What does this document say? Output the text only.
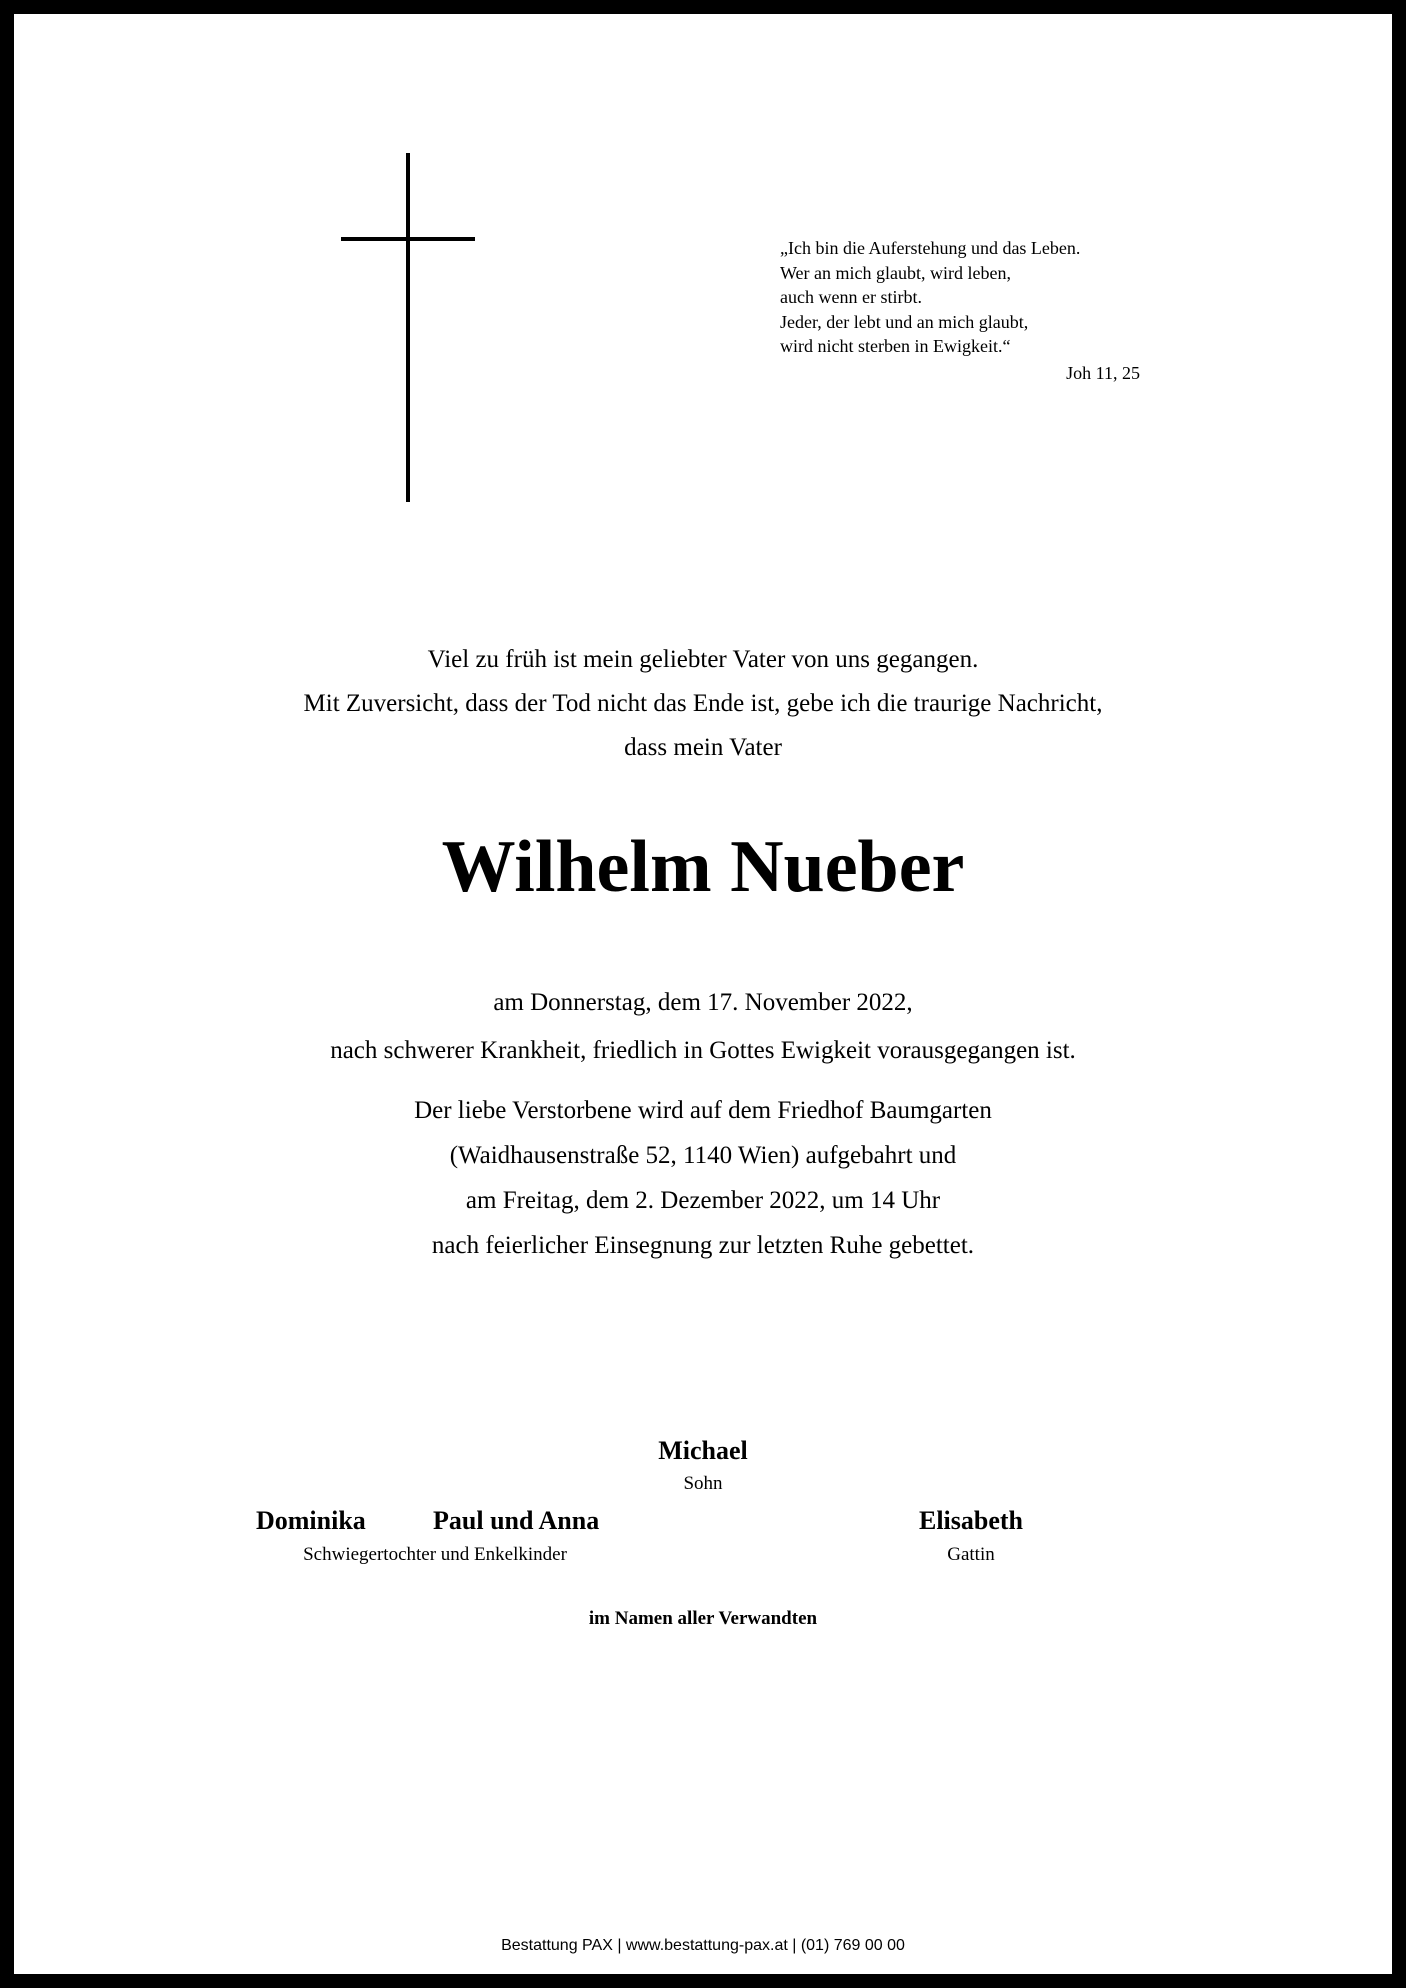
„Ich bin die Auferstehung und das Leben.
Wer an mich glaubt, wird leben,
auch wenn er stirbt.
Jeder, der lebt und an mich glaubt,
wird nicht sterben in Ewigkeit.“
Joh 11, 25
Viel zu früh ist mein geliebter Vater von uns gegangen.
Mit Zuversicht, dass der Tod nicht das Ende ist, gebe ich die traurige Nachricht,
dass mein Vater
Wilhelm Nueber
am Donnerstag, dem 17. November 2022,
nach schwerer Krankheit, friedlich in Gottes Ewigkeit vorausgegangen ist.
Der liebe Verstorbene wird auf dem Friedhof Baumgarten
(Waidhausenstraße 52, 1140 Wien) aufgebahrt und
am Freitag, dem 2. Dezember 2022, um 14 Uhr
nach feierlicher Einsegnung zur letzten Ruhe gebettet.
Michael
Sohn
Dominika	Paul und Anna
Schwiegertochter und Enkelkinder
Elisabeth
Gattin
im Namen aller Verwandten
Bestattung PAX | www.bestattung-pax.at | (01) 769 00 00
